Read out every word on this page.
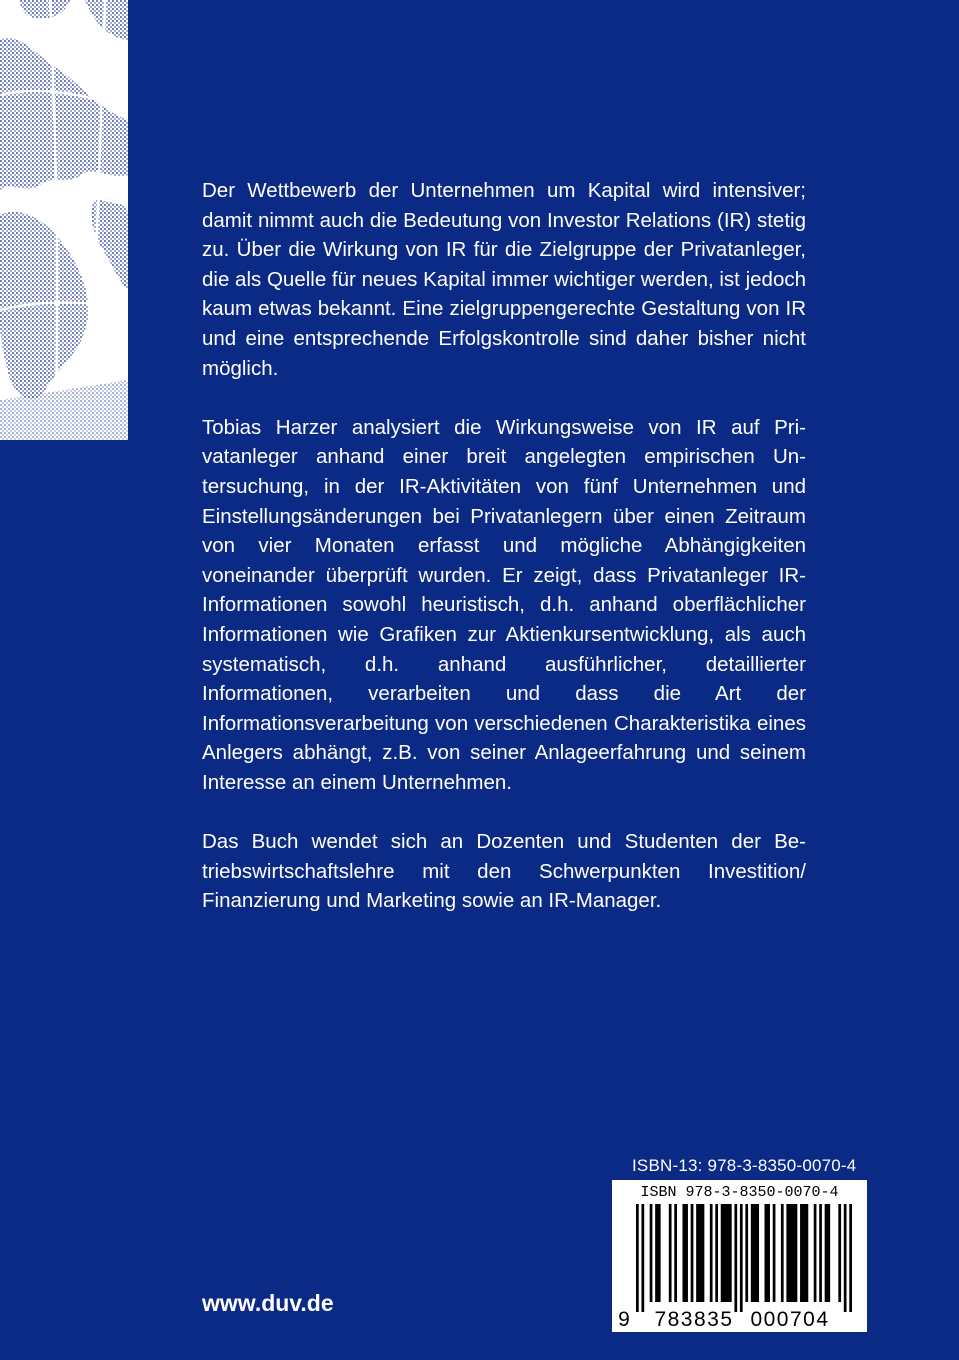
Der Wettbewerb der Unternehmen um Kapital wird intensiver; damit nimmt auch die Bedeutung von Investor Relations (IR) stetig zu. Über die Wirkung von IR für die Zielgruppe der Privatanleger, die als Quelle für neues Kapital immer wichtiger werden, ist jedoch kaum etwas bekannt. Eine zielgruppengerechte Gestaltung von IR und eine entsprechende Erfolgskontrolle sind daher bisher nicht möglich.

Tobias Harzer analysiert die Wirkungsweise von IR auf Privatanleger anhand einer breit angelegten empirischen Untersuchung, in der IR-Aktivitäten von fünf Unternehmen und Einstellungsänderungen bei Privatanlegern über einen Zeitraum von vier Monaten erfasst und mögliche Abhängigkeiten voneinander überprüft wurden. Er zeigt, dass Privatanleger IR-Informationen sowohl heuristisch, d.h. anhand oberflächlicher Informationen wie Grafiken zur Aktienkursentwicklung, als auch systematisch, d.h. anhand ausführlicher, detaillierter Informationen, verarbeiten und dass die Art der Informationsverarbeitung von verschiedenen Charakteristika eines Anlegers abhängt, z.B. von seiner Anlageerfahrung und seinem Interesse an einem Unternehmen.

Das Buch wendet sich an Dozenten und Studenten der Betriebswirtschaftslehre mit den Schwerpunkten Investition/ Finanzierung und Marketing sowie an IR-Manager.

ISBN-13: 978-3-8350-0070-4
ISBN 978-3-8350-0070-4
9 783835 000704
www.duv.de
